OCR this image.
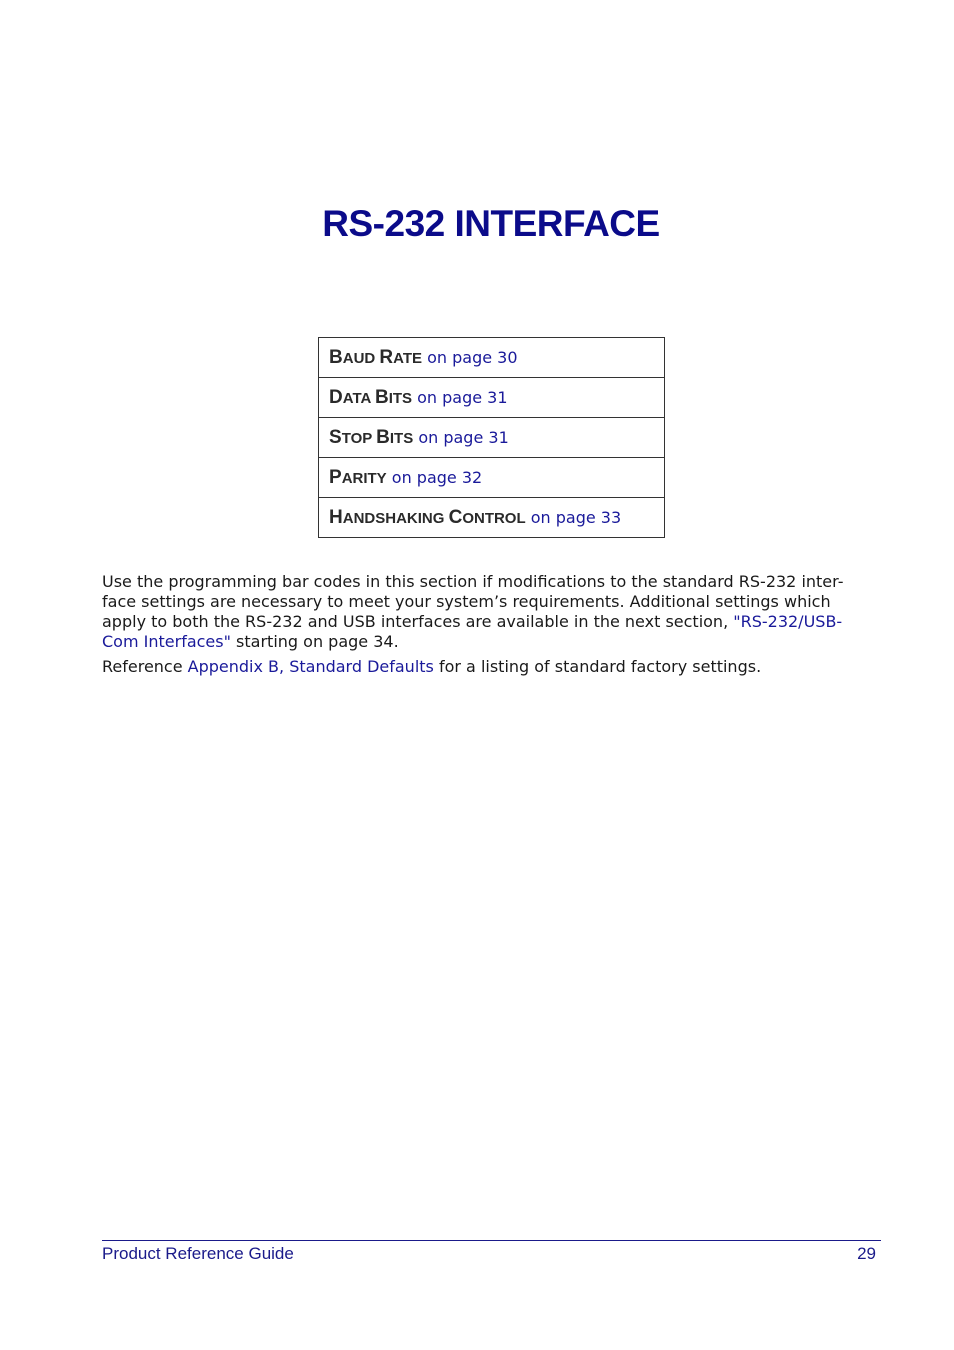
RS-232 INTERFACE
BAUD RATE on page 30
DATA BITS on page 31
STOP BITS on page 31
PARITY on page 32
HANDSHAKING CONTROL on page 33

Use the programming bar codes in this section if modifications to the standard RS-232 inter-face settings are necessary to meet your system’s requirements. Additional settings which apply to both the RS-232 and USB interfaces are available in the next section, "RS-232/USB-Com Interfaces" starting on page 34.

Reference Appendix B, Standard Defaults for a listing of standard factory settings.

Product Reference Guide	29
